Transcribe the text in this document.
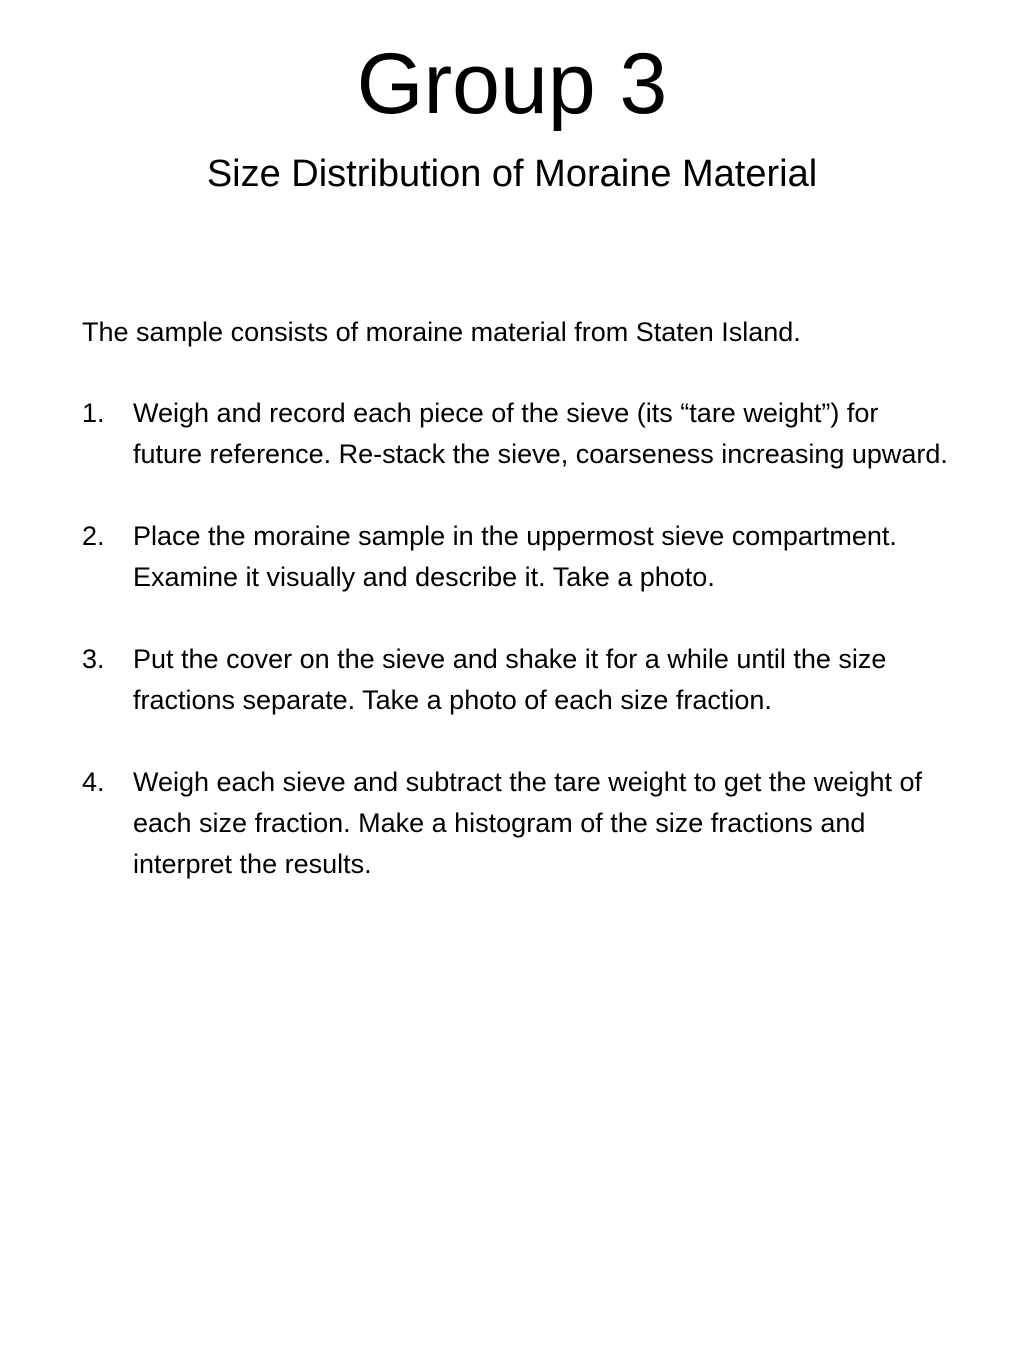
Group 3
Size Distribution of Moraine Material

The sample consists of moraine material from Staten Island.

1.	Weigh and record each piece of the sieve (its “tare weight”) for future reference. Re-stack the sieve, coarseness increasing upward.
2.	Place the moraine sample in the uppermost sieve compartment. Examine it visually and describe it. Take a photo.
3.	Put the cover on the sieve and shake it for a while until the size fractions separate. Take a photo of each size fraction.
4.	Weigh each sieve and subtract the tare weight to get the weight of each size fraction. Make a histogram of the size fractions and interpret the results.
